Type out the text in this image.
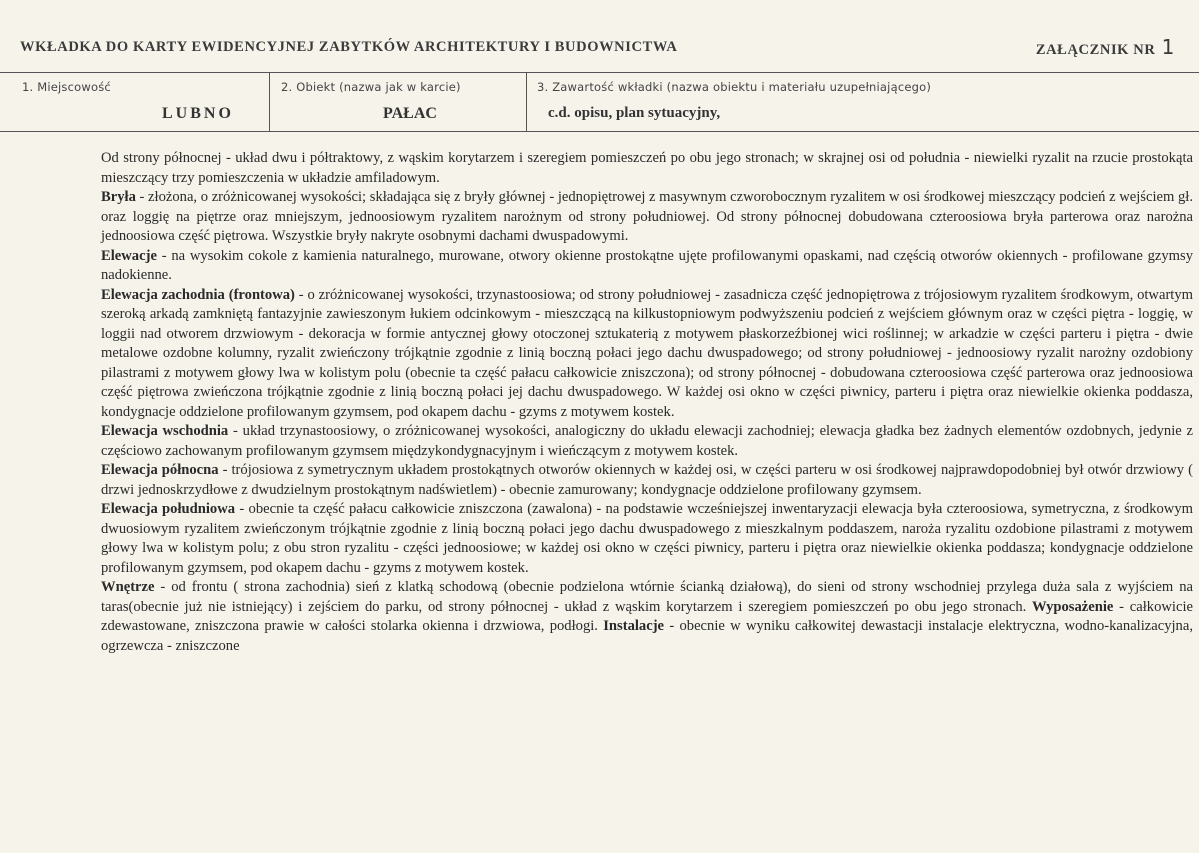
WKŁADKA DO KARTY EWIDENCYJNEJ ZABYTKÓW ARCHITEKTURY I BUDOWNICTWA	ZAŁĄCZNIK NR 1
1. Miejscowość
LUBNO
2. Obiekt (nazwa jak w karcie)
PAŁAC
3. Zawartość wkładki (nazwa obiektu i materiału uzupełniającego)
c.d. opisu, plan sytuacyjny,

Od strony północnej - układ dwu i półtraktowy, z wąskim korytarzem i szeregiem pomieszczeń po obu jego stronach; w skrajnej osi od południa - niewielki ryzalit na rzucie prostokąta mieszczący trzy pomieszczenia w układzie amfiladowym.

Bryła - złożona, o zróżnicowanej wysokości; składająca się z bryły głównej - jednopiętrowej z masywnym czworobocznym ryzalitem w osi środkowej mieszczący podcień z wejściem gł. oraz loggię na piętrze oraz mniejszym, jednoosiowym ryzalitem narożnym od strony południowej. Od strony północnej dobudowana czteroosiowa bryła parterowa oraz narożna jednoosiowa część piętrowa. Wszystkie bryły nakryte osobnymi dachami dwuspadowymi.

Elewacje - na wysokim cokole z kamienia naturalnego, murowane, otwory okienne prostokątne ujęte profilowanymi opaskami, nad częścią otworów okiennych - profilowane gzymsy nadokienne.

Elewacja zachodnia (frontowa) - o zróżnicowanej wysokości, trzynastoosiowa; od strony południowej - zasadnicza część jednopiętrowa z trójosiowym ryzalitem środkowym, otwartym szeroką arkadą zamkniętą fantazyjnie zawieszonym łukiem odcinkowym - mieszczącą na kilkustopniowym podwyższeniu podcień z wejściem głównym oraz w części piętra - loggię, w loggii nad otworem drzwiowym - dekoracja w formie antycznej głowy otoczonej sztukaterią z motywem płaskorzeźbionej wici roślinnej; w arkadzie w części parteru i piętra - dwie metalowe ozdobne kolumny, ryzalit zwieńczony trójkątnie zgodnie z linią boczną połaci jego dachu dwuspadowego; od strony południowej - jednoosiowy ryzalit narożny ozdobiony pilastrami z motywem głowy lwa w kolistym polu (obecnie ta część pałacu całkowicie zniszczona); od strony północnej - dobudowana czteroosiowa część parterowa oraz jednoosiowa część piętrowa zwieńczona trójkątnie zgodnie z linią boczną połaci jej dachu dwuspadowego. W każdej osi okno w części piwnicy, parteru i piętra oraz niewielkie okienka poddasza, kondygnacje oddzielone profilowanym gzymsem, pod okapem dachu - gzyms z motywem kostek.

Elewacja wschodnia - układ trzynastoosiowy, o zróżnicowanej wysokości, analogiczny do układu elewacji zachodniej; elewacja gładka bez żadnych elementów ozdobnych, jedynie z częściowo zachowanym profilowanym gzymsem międzykondygnacyjnym i wieńczącym z motywem kostek.

Elewacja północna - trójosiowa z symetrycznym układem prostokątnych otworów okiennych w każdej osi, w części parteru w osi środkowej najprawdopodobniej był otwór drzwiowy ( drzwi jednoskrzydłowe z dwudzielnym prostokątnym nadświetlem) - obecnie zamurowany; kondygnacje oddzielone profilowany gzymsem.

Elewacja południowa - obecnie ta część pałacu całkowicie zniszczona (zawalona) - na podstawie wcześniejszej inwentaryzacji elewacja była czteroosiowa, symetryczna, z środkowym dwuosiowym ryzalitem zwieńczonym trójkątnie zgodnie z linią boczną połaci jego dachu dwuspadowego z mieszkalnym poddaszem, naroża ryzalitu ozdobione pilastrami z motywem głowy lwa w kolistym polu; z obu stron ryzalitu - części jednoosiowe; w każdej osi okno w części piwnicy, parteru i piętra oraz niewielkie okienka poddasza; kondygnacje oddzielone profilowanym gzymsem, pod okapem dachu - gzyms z motywem kostek.

Wnętrze - od frontu ( strona zachodnia) sień z klatką schodową (obecnie podzielona wtórnie ścianką działową), do sieni od strony wschodniej przylega duża sala z wyjściem na taras(obecnie już nie istniejący) i zejściem do parku, od strony północnej - układ z wąskim korytarzem i szeregiem pomieszczeń po obu jego stronach. Wyposażenie - całkowicie zdewastowane, zniszczona prawie w całości stolarka okienna i drzwiowa, podłogi. Instalacje - obecnie w wyniku całkowitej dewastacji instalacje elektryczna, wodno-kanalizacyjna, ogrzewcza - zniszczone
